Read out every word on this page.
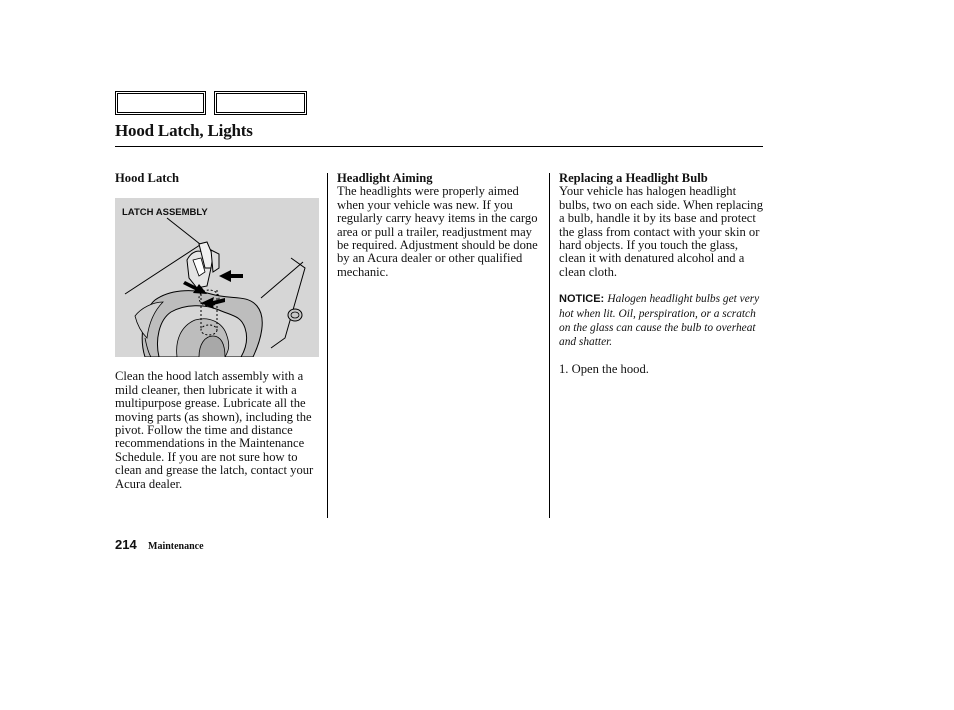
Hood Latch, Lights
Hood Latch

LATCH ASSEMBLY

Clean the hood latch assembly with a mild cleaner, then lubricate it with a multipurpose grease. Lubricate all the moving parts (as shown), including the pivot. Follow the time and distance recommendations in the Maintenance Schedule. If you are not sure how to clean and grease the latch, contact your Acura dealer.

Headlight Aiming

The headlights were properly aimed when your vehicle was new. If you regularly carry heavy items in the cargo area or pull a trailer, readjustment may be required. Adjustment should be done by an Acura dealer or other qualified mechanic.

Replacing a Headlight Bulb

Your vehicle has halogen headlight bulbs, two on each side. When replacing a bulb, handle it by its base and protect the glass from contact with your skin or hard objects. If you touch the glass, clean it with denatured alcohol and a clean cloth.

NOTICE: Halogen headlight bulbs get very hot when lit. Oil, perspiration, or a scratch on the glass can cause the bulb to overheat and shatter.

1. Open the hood.

214 Maintenance
